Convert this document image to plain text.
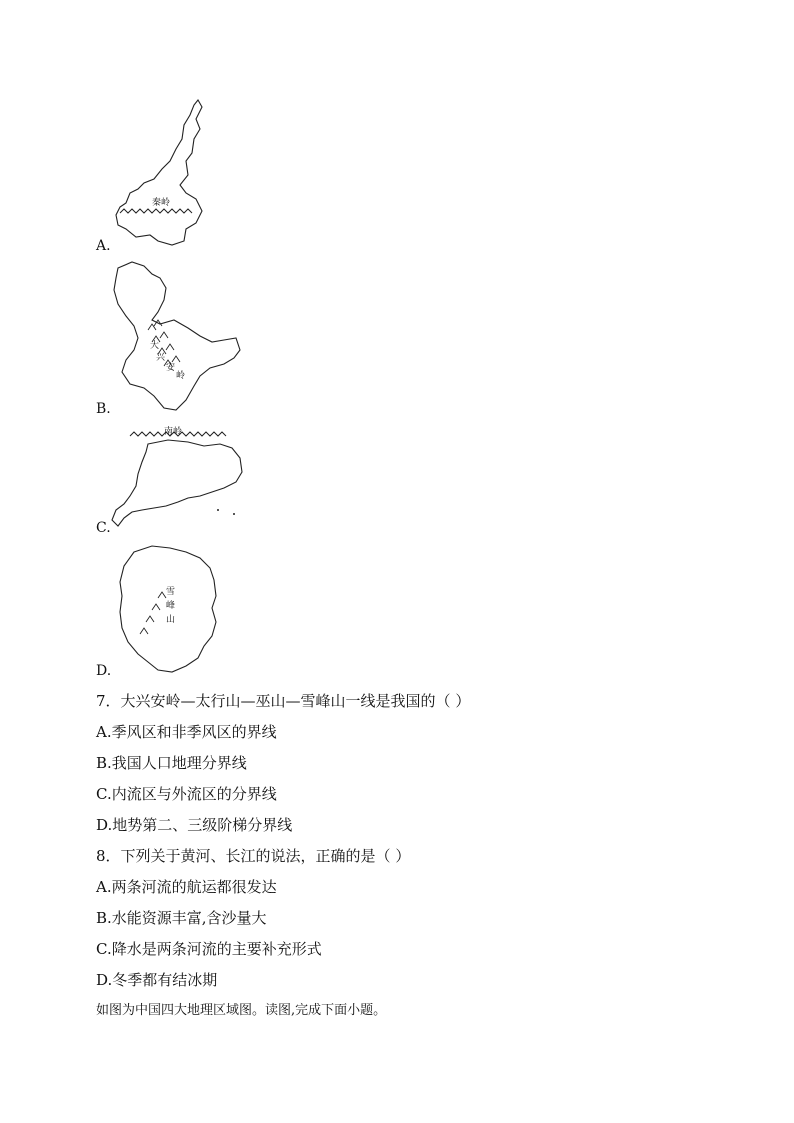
秦岭
A.
大
兴
安
岭
B.
南岭
C.
雪
峰
山
D.
7．大兴安岭—太行山—巫山—雪峰山一线是我国的（ ）
A.季风区和非季风区的界线
B.我国人口地理分界线
C.内流区与外流区的分界线
D.地势第二、三级阶梯分界线
8．下列关于黄河、长江的说法，正确的是（ ）
A.两条河流的航运都很发达
B.水能资源丰富,含沙量大
C.降水是两条河流的主要补充形式
D.冬季都有结冰期
如图为中国四大地理区域图。读图,完成下面小题。
